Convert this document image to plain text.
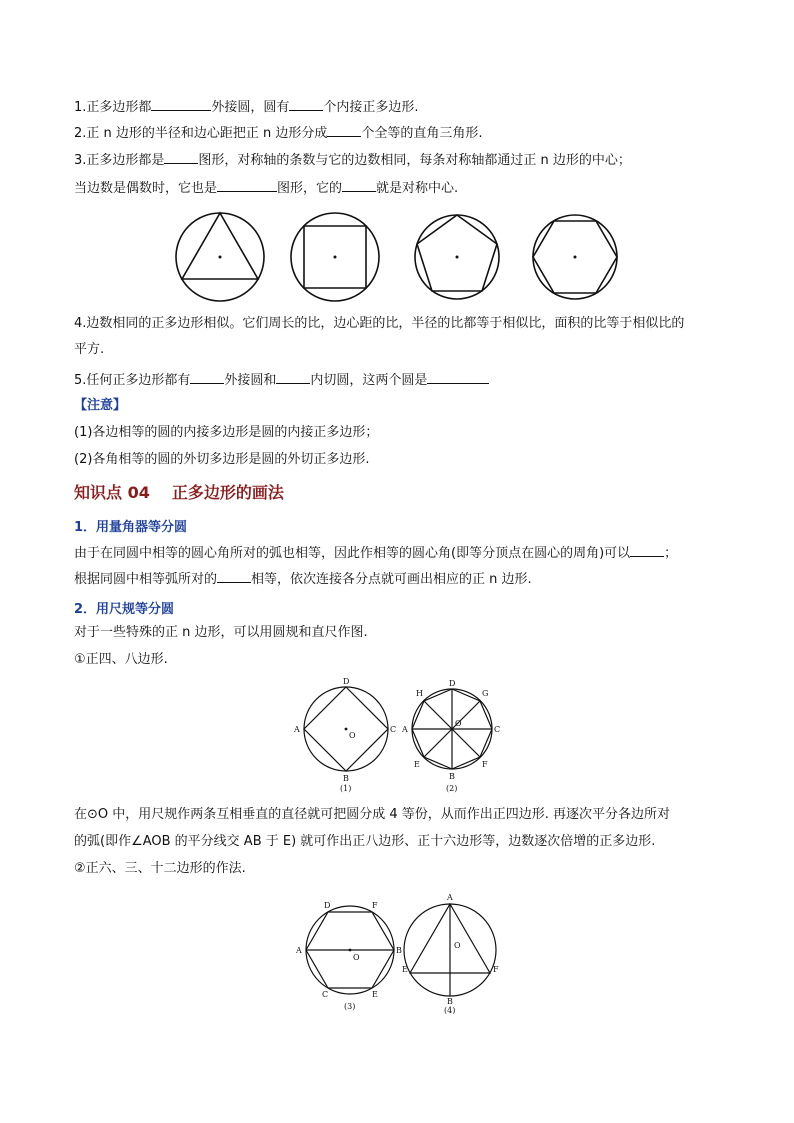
1.正多边形都	外接圆，圆有	个内接正多边形.
2.正 n 边形的半径和边心距把正 n 边形分成	个全等的直角三角形.
3.正多边形都是	图形，对称轴的条数与它的边数相同，每条对称轴都通过正 n 边形的中心；
当边数是偶数时，它也是	图形，它的	就是对称中心.
4.边数相同的正多边形相似。它们周长的比，边心距的比，半径的比都等于相似比，面积的比等于相似比的
平方.
5.任何正多边形都有	外接圆和	内切圆，这两个圆是
【注意】
(1)各边相等的圆的内接多边形是圆的内接正多边形；
(2)各角相等的圆的外切多边形是圆的外切正多边形.
知识点 04 正多边形的画法
1．用量角器等分圆
由于在同圆中相等的圆心角所对的弧也相等，因此作相等的圆心角(即等分顶点在圆心的周角)可以	；
根据同圆中相等弧所对的	相等，依次连接各分点就可画出相应的正 n 边形.
2．用尺规等分圆
对于一些特殊的正 n 边形，可以用圆规和直尺作图.
①正四、八边形.
D
A	C
B
O
(1)
H
D
G
A	C
O
E
B
F
(2)
在⊙O 中，用尺规作两条互相垂直的直径就可把圆分成 4 等份，从而作出正四边形. 再逐次平分各边所对
的弧(即作∠AOB 的平分线交 AB 于 E) 就可作出正八边形、正十六边形等，边数逐次倍增的正多边形.
②正六、三、十二边形的作法.
D	F
A	B
O
C	E
(3)
A
O
E	F
B
(4)
